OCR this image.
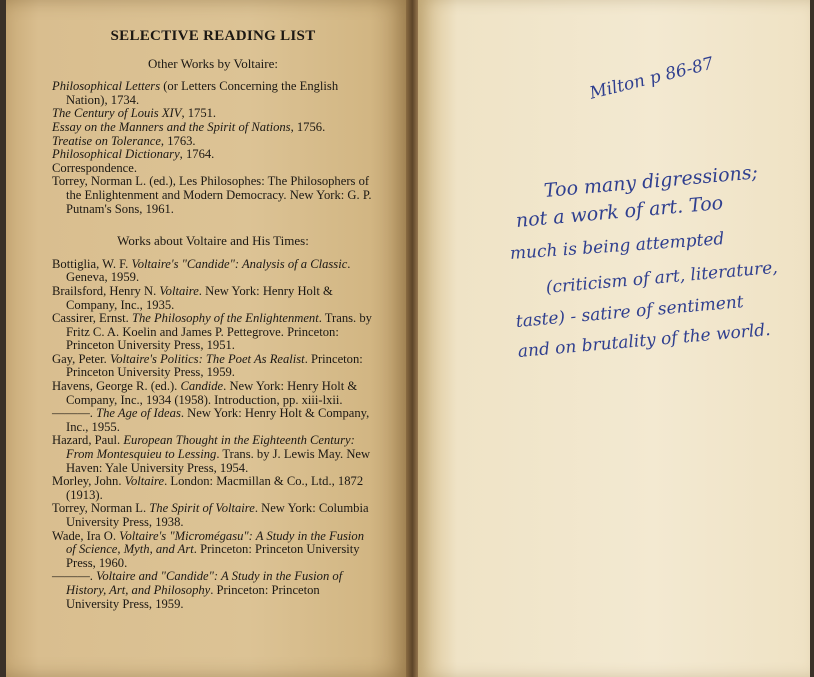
SELECTIVE READING LIST
Other Works by Voltaire:

Philosophical Letters (or Letters Concerning the English Nation), 1734.

The Century of Louis XIV, 1751.

Essay on the Manners and the Spirit of Nations, 1756.

Treatise on Tolerance, 1763.

Philosophical Dictionary, 1764.

Correspondence.

Torrey, Norman L. (ed.), Les Philosophes: The Philosophers of the Enlightenment and Modern Democracy. New York: G. P. Putnam's Sons, 1961.

Works about Voltaire and His Times:

Bottiglia, W. F. Voltaire's "Candide": Analysis of a Classic. Geneva, 1959.

Brailsford, Henry N. Voltaire. New York: Henry Holt & Company, Inc., 1935.

Cassirer, Ernst. The Philosophy of the Enlightenment. Trans. by Fritz C. A. Koelin and James P. Pettegrove. Princeton: Princeton University Press, 1951.

Gay, Peter. Voltaire's Politics: The Poet As Realist. Princeton: Princeton University Press, 1959.

Havens, George R. (ed.). Candide. New York: Henry Holt & Company, Inc., 1934 (1958). Introduction, pp. xiii-lxii.

———. The Age of Ideas. New York: Henry Holt & Company, Inc., 1955.

Hazard, Paul. European Thought in the Eighteenth Century: From Montesquieu to Lessing. Trans. by J. Lewis May. New Haven: Yale University Press, 1954.

Morley, John. Voltaire. London: Macmillan & Co., Ltd., 1872 (1913).

Torrey, Norman L. The Spirit of Voltaire. New York: Columbia University Press, 1938.

Wade, Ira O. Voltaire's "Micromégasu": A Study in the Fusion of Science, Myth, and Art. Princeton: Princeton University Press, 1960.

———. Voltaire and "Candide": A Study in the Fusion of History, Art, and Philosophy. Princeton: Princeton University Press, 1959.

Milton p 86-87
Too many digressions;
not a work of art. Too
much is being attempted
(criticism of art, literature,
taste) - satire of sentiment
and on brutality of the world.
